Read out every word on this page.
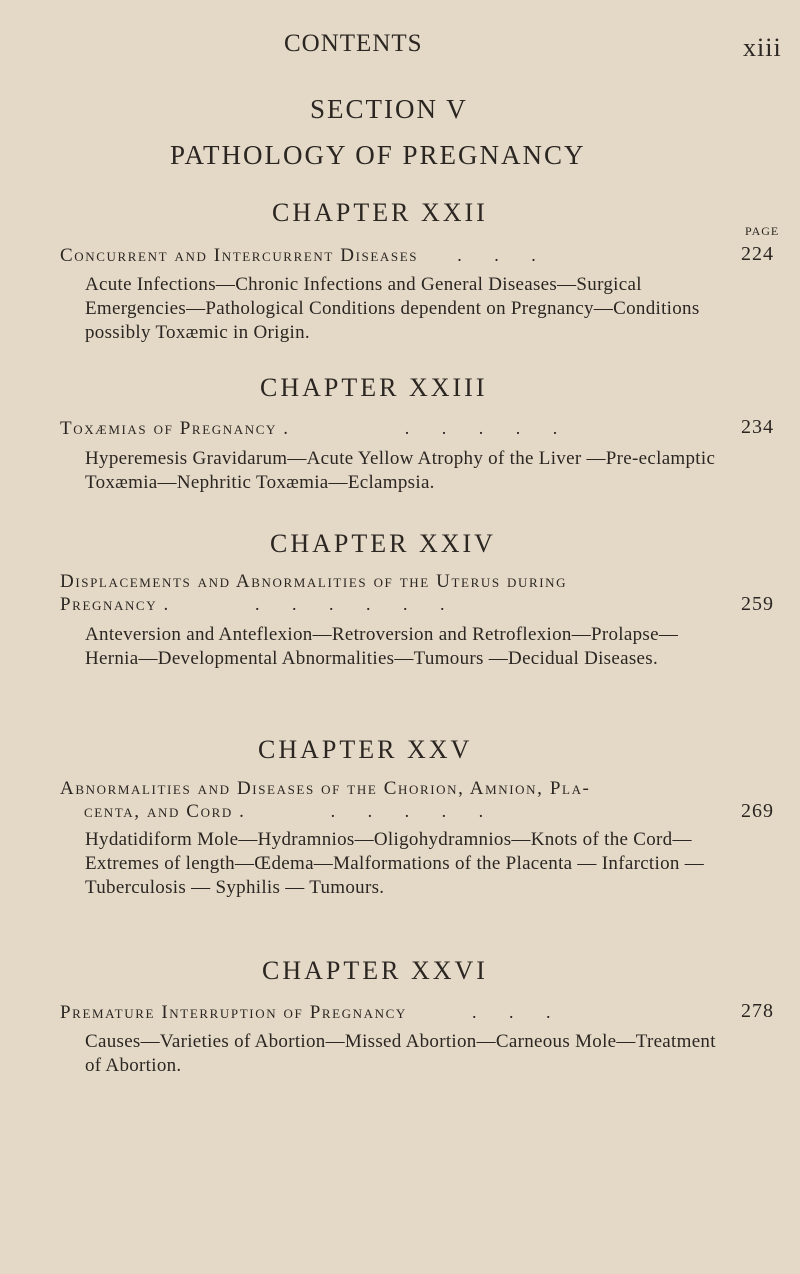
CONTENTS	xiii
SECTION V
PATHOLOGY OF PREGNANCY
PAGE
CHAPTER XXII
Concurrent and Intercurrent Diseases . . .	224
Acute Infections—Chronic Infections and General Diseases—Surgical Emergencies—Pathological Conditions dependent on Pregnancy—Conditions possibly Toxæmic in Origin.
CHAPTER XXIII
Toxæmias of Pregnancy .	. . . . .	234
Hyperemesis Gravidarum—Acute Yellow Atrophy of the Liver —Pre-eclamptic Toxæmia—Nephritic Toxæmia—Eclampsia.
CHAPTER XXIV
Displacements and Abnormalities of the Uterus during
Pregnancy .	. . . . . .	259
Anteversion and Anteflexion—Retroversion and Retroflexion—Prolapse—Hernia—Developmental Abnormalities—Tumours —Decidual Diseases.
CHAPTER XXV
Abnormalities and Diseases of the Chorion, Amnion, Pla-
centa, and Cord .	. . . . .	269
Hydatidiform Mole—Hydramnios—Oligohydramnios—Knots of the Cord—Extremes of length—Œdema—Malformations of the Placenta — Infarction — Tuberculosis — Syphilis — Tumours.
CHAPTER XXVI
Premature Interruption of Pregnancy	. . .	278
Causes—Varieties of Abortion—Missed Abortion—Carneous Mole—Treatment of Abortion.
